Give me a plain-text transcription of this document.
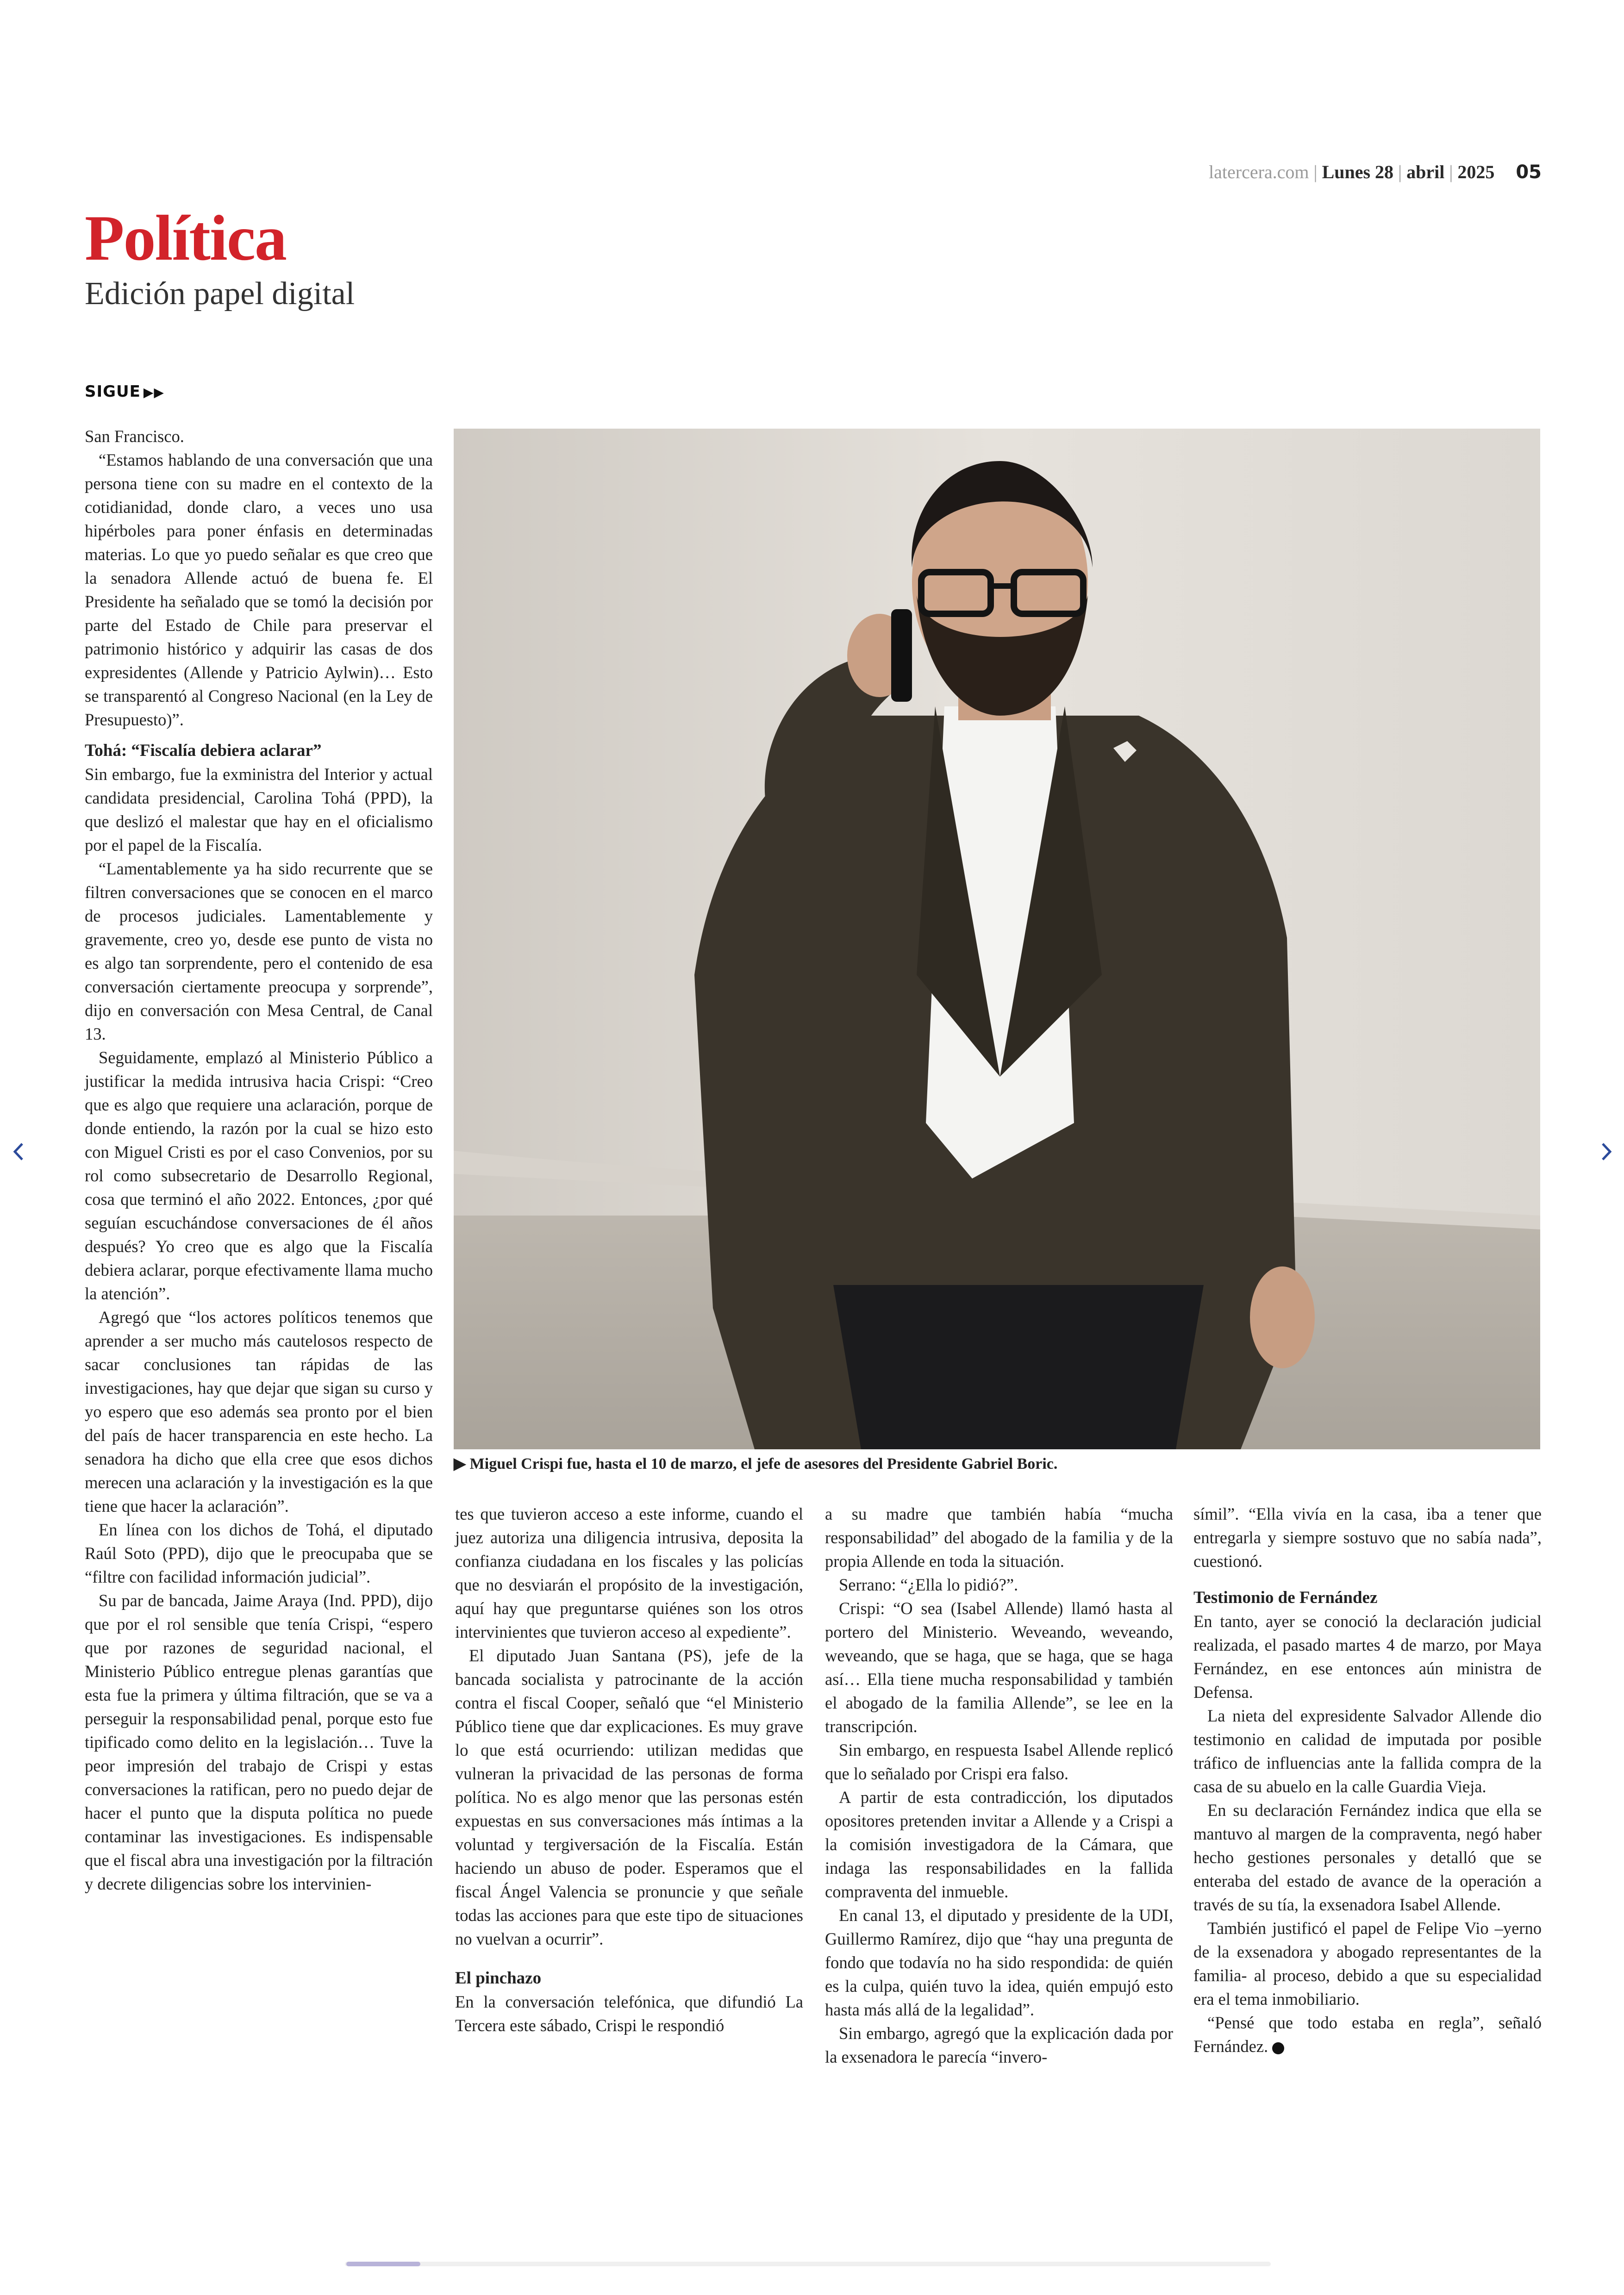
latercera.com | Lunes 28 | abril | 2025 05
Política
Edición papel digital
SIGUE ▶▶

San Francisco.

“Estamos hablando de una conversación que una persona tiene con su madre en el contexto de la cotidianidad, donde claro, a veces uno usa hipérboles para poner énfasis en determinadas materias. Lo que yo puedo señalar es que creo que la senadora Allende actuó de buena fe. El Presidente ha señalado que se tomó la decisión por parte del Estado de Chile para preservar el patrimonio histórico y adquirir las casas de dos expresidentes (Allende y Patricio Aylwin)… Esto se transparentó al Congreso Nacional (en la Ley de Presupuesto)”.

Tohá: “Fiscalía debiera aclarar”

Sin embargo, fue la exministra del Interior y actual candidata presidencial, Carolina Tohá (PPD), la que deslizó el malestar que hay en el oficialismo por el papel de la Fiscalía.

“Lamentablemente ya ha sido recurrente que se filtren conversaciones que se conocen en el marco de procesos judiciales. Lamentablemente y gravemente, creo yo, desde ese punto de vista no es algo tan sorprendente, pero el contenido de esa conversación ciertamente preocupa y sorprende”, dijo en conversación con Mesa Central, de Canal 13.

Seguidamente, emplazó al Ministerio Público a justificar la medida intrusiva hacia Crispi: “Creo que es algo que requiere una aclaración, porque de donde entiendo, la razón por la cual se hizo esto con Miguel Cristi es por el caso Convenios, por su rol como subsecretario de Desarrollo Regional, cosa que terminó el año 2022. Entonces, ¿por qué seguían escuchándose conversaciones de él años después? Yo creo que es algo que la Fiscalía debiera aclarar, porque efectivamente llama mucho la atención”.

Agregó que “los actores políticos tenemos que aprender a ser mucho más cautelosos respecto de sacar conclusiones tan rápidas de las investigaciones, hay que dejar que sigan su curso y yo espero que eso además sea pronto por el bien del país de hacer transparencia en este hecho. La senadora ha dicho que ella cree que esos dichos merecen una aclaración y la investigación es la que tiene que hacer la aclaración”.

En línea con los dichos de Tohá, el diputado Raúl Soto (PPD), dijo que le preocupaba que se “filtre con facilidad información judicial”.

Su par de bancada, Jaime Araya (Ind. PPD), dijo que por el rol sensible que tenía Crispi, “espero que por razones de seguridad nacional, el Ministerio Público entregue plenas garantías que esta fue la primera y última filtración, que se va a perseguir la responsabilidad penal, porque esto fue tipificado como delito en la legislación… Tuve la peor impresión del trabajo de Crispi y estas conversaciones la ratifican, pero no puedo dejar de hacer el punto que la disputa política no puede contaminar las investigaciones. Es indispensable que el fiscal abra una investigación por la filtración y decrete diligencias sobre los intervinien-

▶ Miguel Crispi fue, hasta el 10 de marzo, el jefe de asesores del Presidente Gabriel Boric.

tes que tuvieron acceso a este informe, cuando el juez autoriza una diligencia intrusiva, deposita la confianza ciudadana en los fiscales y las policías que no desviarán el propósito de la investigación, aquí hay que preguntarse quiénes son los otros intervinientes que tuvieron acceso al expediente”.

El diputado Juan Santana (PS), jefe de la bancada socialista y patrocinante de la acción contra el fiscal Cooper, señaló que “el Ministerio Público tiene que dar explicaciones. Es muy grave lo que está ocurriendo: utilizan medidas que vulneran la privacidad de las personas de forma política. No es algo menor que las personas estén expuestas en sus conversaciones más íntimas a la voluntad y tergiversación de la Fiscalía. Están haciendo un abuso de poder. Esperamos que el fiscal Ángel Valencia se pronuncie y que señale todas las acciones para que este tipo de situaciones no vuelvan a ocurrir”.

El pinchazo

En la conversación telefónica, que difundió La Tercera este sábado, Crispi le respondió

a su madre que también había “mucha responsabilidad” del abogado de la familia y de la propia Allende en toda la situación.

Serrano: “¿Ella lo pidió?”.

Crispi: “O sea (Isabel Allende) llamó hasta al portero del Ministerio. Weveando, weveando, weveando, que se haga, que se haga, que se haga así… Ella tiene mucha responsabilidad y también el abogado de la familia Allende”, se lee en la transcripción.

Sin embargo, en respuesta Isabel Allende replicó que lo señalado por Crispi era falso.

A partir de esta contradicción, los diputados opositores pretenden invitar a Allende y a Crispi a la comisión investigadora de la Cámara, que indaga las responsabilidades en la fallida compraventa del inmueble.

En canal 13, el diputado y presidente de la UDI, Guillermo Ramírez, dijo que “hay una pregunta de fondo que todavía no ha sido respondida: de quién es la culpa, quién tuvo la idea, quién empujó esto hasta más allá de la legalidad”.

Sin embargo, agregó que la explicación dada por la exsenadora le parecía “invero-

símil”. “Ella vivía en la casa, iba a tener que entregarla y siempre sostuvo que no sabía nada”, cuestionó.

Testimonio de Fernández

En tanto, ayer se conoció la declaración judicial realizada, el pasado martes 4 de marzo, por Maya Fernández, en ese entonces aún ministra de Defensa.

La nieta del expresidente Salvador Allende dio testimonio en calidad de imputada por posible tráfico de influencias ante la fallida compra de la casa de su abuelo en la calle Guardia Vieja.

En su declaración Fernández indica que ella se mantuvo al margen de la compraventa, negó haber hecho gestiones personales y detalló que se enteraba del estado de avance de la operación a través de su tía, la exsenadora Isabel Allende.

También justificó el papel de Felipe Vio –yerno de la exsenadora y abogado representantes de la familia- al proceso, debido a que su especialidad era el tema inmobiliario.

“Pensé que todo estaba en regla”, señaló Fernández.
